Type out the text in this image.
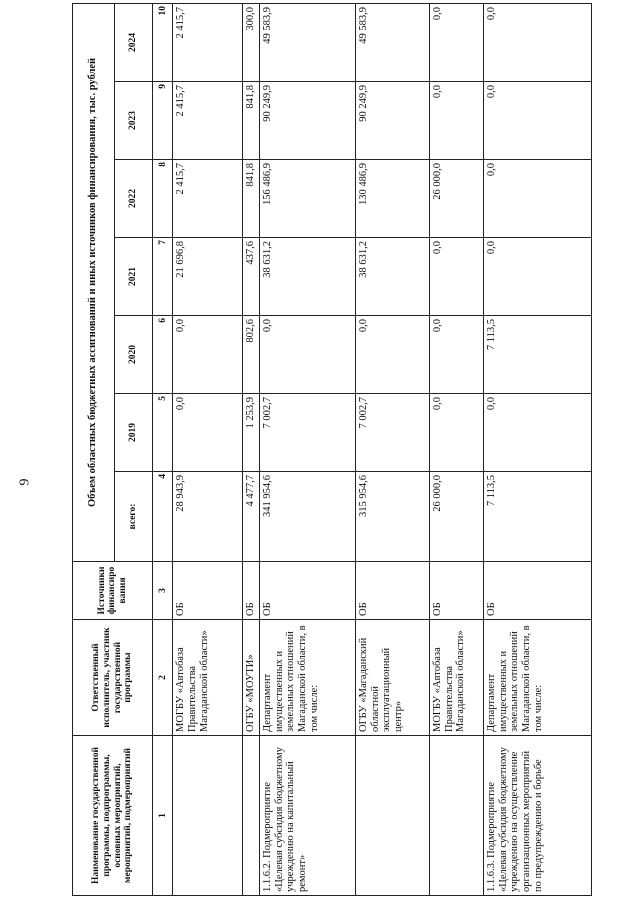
9
Наименование государственной программы, подпрограммы, основных мероприятий, мероприятий, подмероприятий	Ответственный исполнитель, участник государственной программы	Источники финансиро вания	Объем областных бюджетных ассигнований и иных источников финансирования, тыс. рублей						
			всего:	2019	2020	2021	2022	2023	2024
1	2	3	4	5	6	7	8	9	10
	МОГБУ «Автобаза Правительства Магаданской области»	ОБ	28 943,9	0,0	0,0	21 696,8	2 415,7	2 415,7	2 415,7
	ОГБУ «МОУТИ»	ОБ	4 477,7	1 253,9	802,6	437,6	841,8	841,8	300,0
1.1.6.2. Подмероприятие «Целевая субсидия бюджетному учреждению на капитальный ремонт»	Департамент имущественных и земельных отношений Магаданской области, в том числе:	ОБ	341 954,6	7 002,7	0,0	38 631,2	156 486,9	90 249,9	49 583,9
	ОГБУ «Магаданский областной эксплуатационный центр»	ОБ	315 954,6	7 002,7	0,0	38 631,2	130 486,9	90 249,9	49 583,9
	МОГБУ «Автобаза Правительства Магаданской области»	ОБ	26 000,0	0,0	0,0	0,0	26 000,0	0,0	0,0
1.1.6.3. Подмероприятие «Целевая субсидия бюджетному учреждению на осуществление организационных мероприятий по предупреждению и борьбе	Департамент имущественных и земельных отношений Магаданской области, в том числе:	ОБ	7 113,5	0,0	7 113,5	0,0	0,0	0,0	0,0
